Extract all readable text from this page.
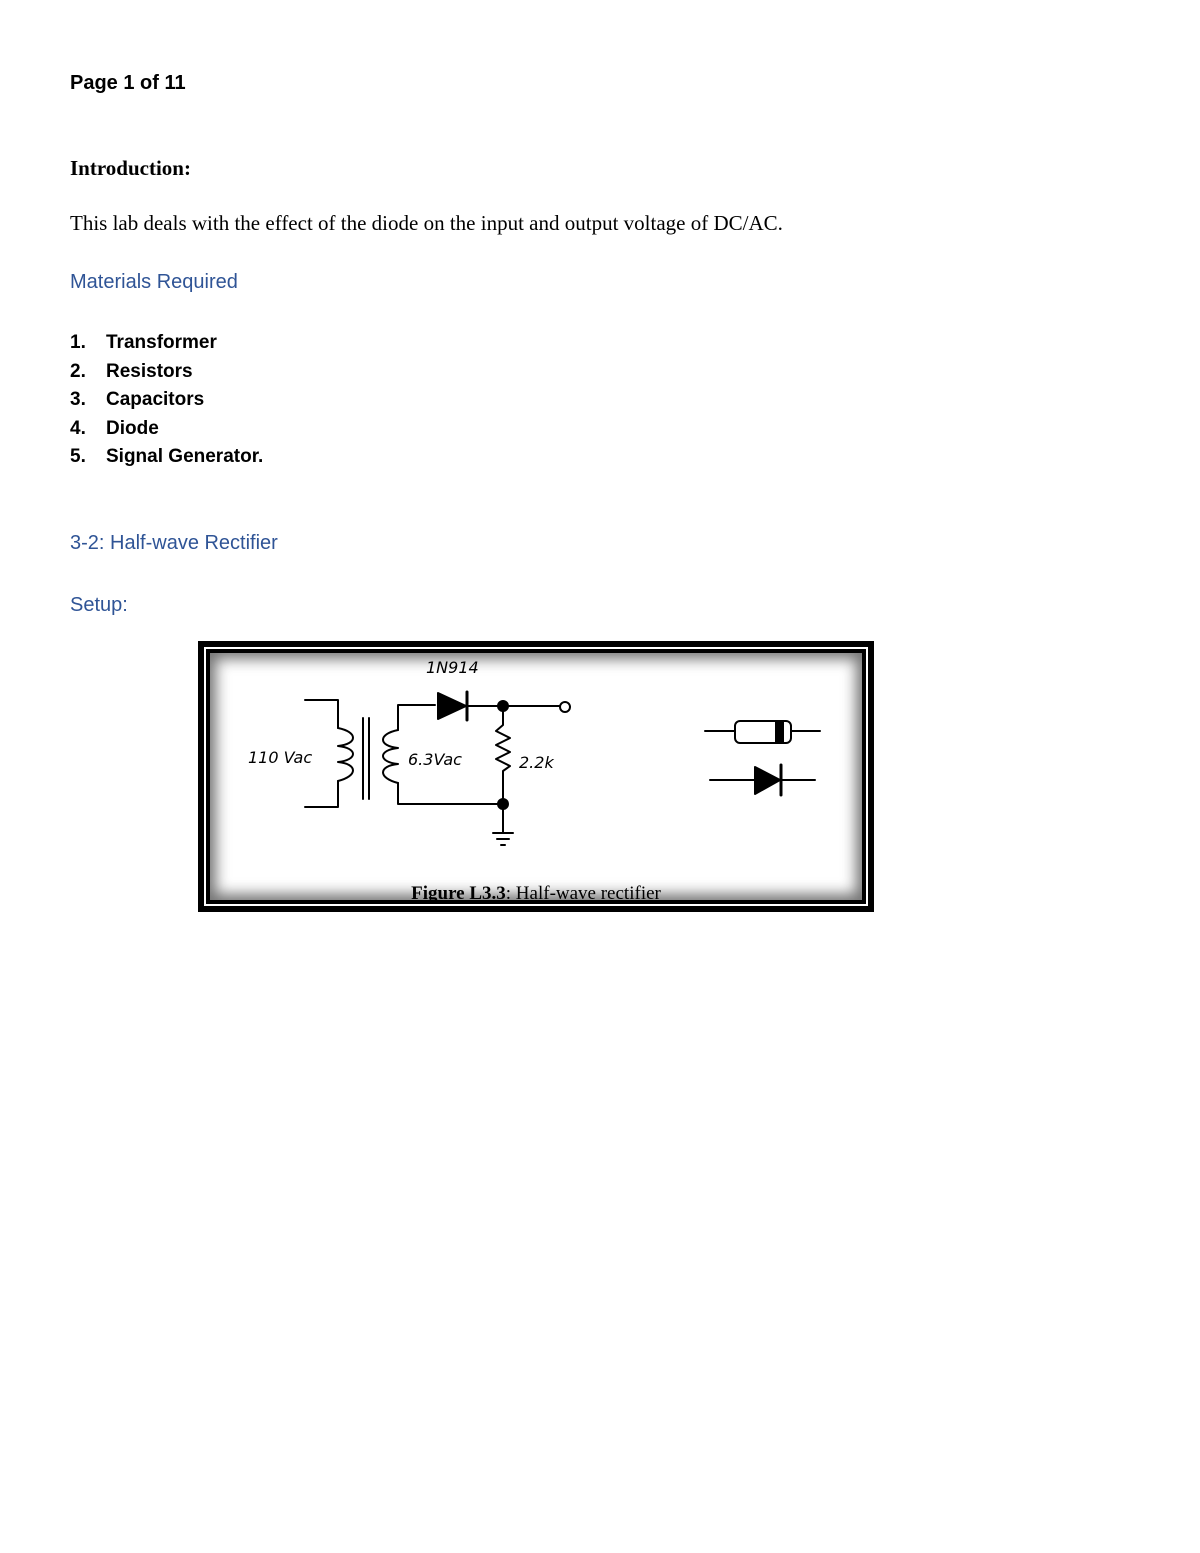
Page 1 of 11
Introduction:
This lab deals with the effect of the diode on the input and output voltage of DC/AC.
Materials Required
1.	Transformer
2.	Resistors
3.	Capacitors
4.	Diode
5.	Signal Generator.
3-2: Half-wave Rectifier
Setup:
1N914
110 Vac	6.3Vac	2.2k
Figure L3.3: Half-wave rectifier
